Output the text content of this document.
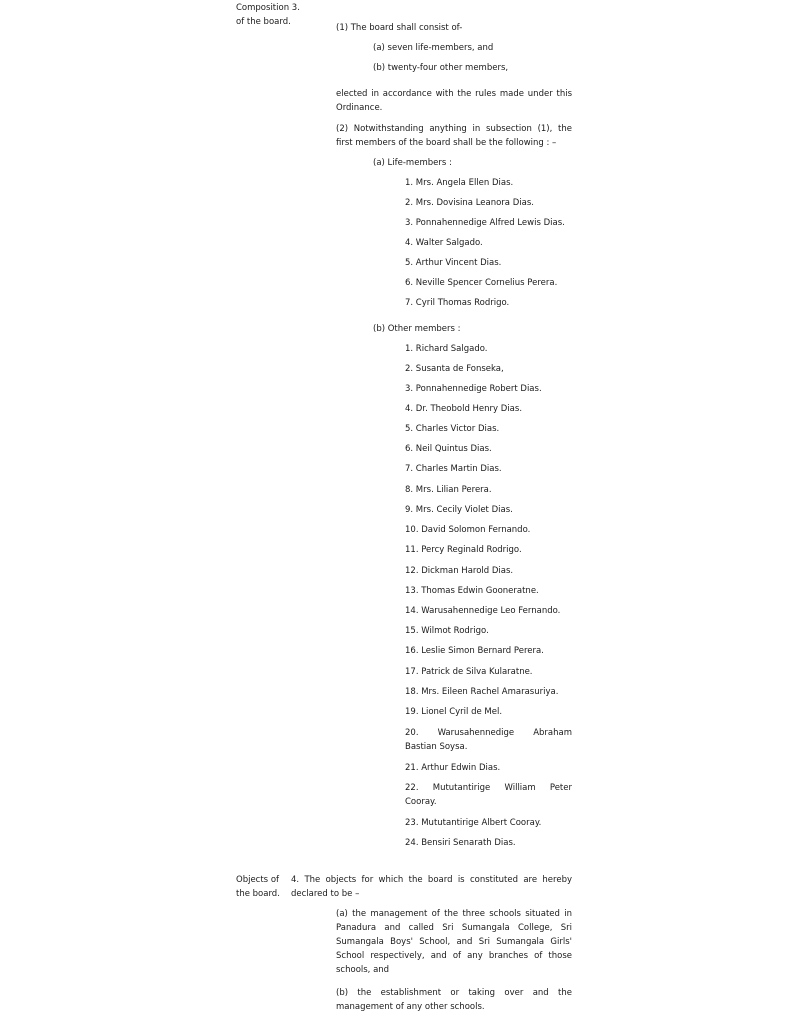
Composition 3.
of the board.

(1) The board shall consist of-

(a) seven life-members, and

(b) twenty-four other members,

elected in accordance with the rules made under this Ordinance.

(2) Notwithstanding anything in subsection (1), the first members of the board shall be the following : –

(a) Life-members :

1. Mrs. Angela Ellen Dias.
2. Mrs. Dovisina Leanora Dias.
3. Ponnahennedige Alfred Lewis Dias.
4. Walter Salgado.
5. Arthur Vincent Dias.
6. Neville Spencer Cornelius Perera.
7. Cyril Thomas Rodrigo.

(b) Other members :

1. Richard Salgado.
2. Susanta de Fonseka,
3. Ponnahennedige Robert Dias.
4. Dr. Theobold Henry Dias.
5. Charles Victor Dias.
6. Neil Quintus Dias.
7. Charles Martin Dias.
8. Mrs. Lilian Perera.
9. Mrs. Cecily Violet Dias.
10. David Solomon Fernando.
11. Percy Reginald Rodrigo.
12. Dickman Harold Dias.
13. Thomas Edwin Gooneratne.
14. Warusahennedige Leo Fernando.
15. Wilmot Rodrigo.
16. Leslie Simon Bernard Perera.
17. Patrick de Silva Kularatne.
18. Mrs. Eileen Rachel Amarasuriya.
19. Lionel Cyril de Mel.
20. Warusahennedige Abraham
Bastian Soysa.

21. Arthur Edwin Dias.

22. Mututantirige William Peter
Cooray.

23. Mututantirige Albert Cooray.

24. Bensiri Senarath Dias.

Objects of
the board.

4. The objects for which the board is constituted are hereby declared to be –

(a) the management of the three schools situated in Panadura and called Sri Sumangala College, Sri Sumangala Boys' School, and Sri Sumangala Girls' School respectively, and of any branches of those schools, and

(b) the establishment or taking over and the management of any other schools.
